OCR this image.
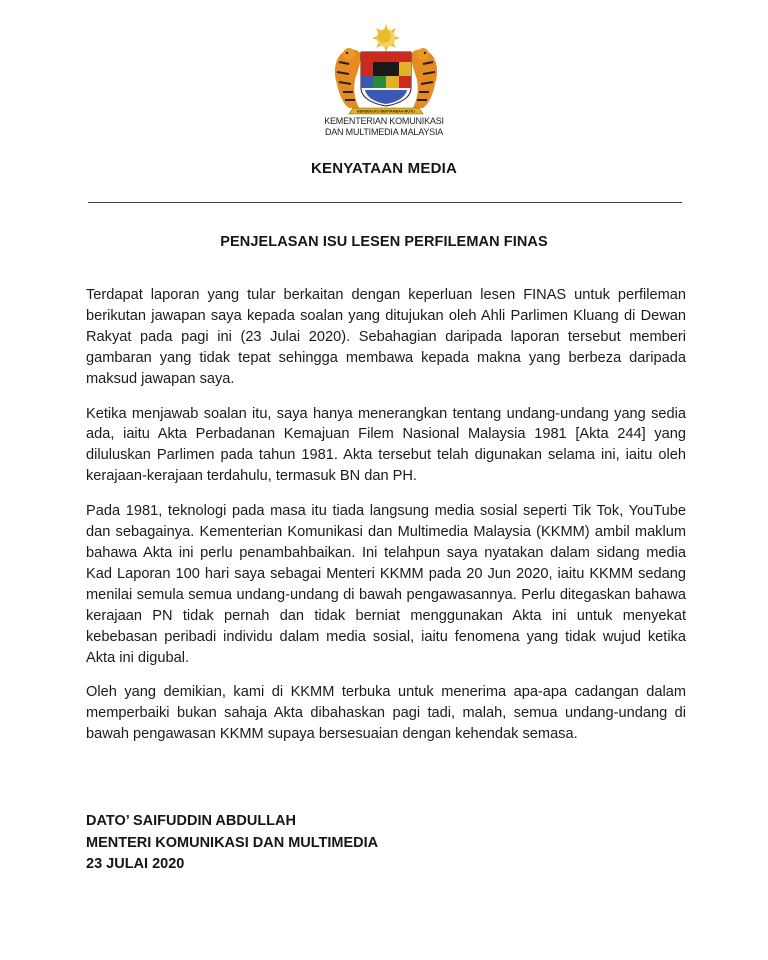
BERSEKUTU BERTAMBAH MUTU
KEMENTERIAN KOMUNIKASI
DAN MULTIMEDIA MALAYSIA
KENYATAAN MEDIA
PENJELASAN ISU LESEN PERFILEMAN FINAS

Terdapat laporan yang tular berkaitan dengan keperluan lesen FINAS untuk perfileman berikutan jawapan saya kepada soalan yang ditujukan oleh Ahli Parlimen Kluang di Dewan Rakyat pada pagi ini (23 Julai 2020). Sebahagian daripada laporan tersebut memberi gambaran yang tidak tepat sehingga membawa kepada makna yang berbeza daripada maksud jawapan saya.

Ketika menjawab soalan itu, saya hanya menerangkan tentang undang-undang yang sedia ada, iaitu Akta Perbadanan Kemajuan Filem Nasional Malaysia 1981 [Akta 244] yang diluluskan Parlimen pada tahun 1981. Akta tersebut telah digunakan selama ini, iaitu oleh kerajaan-kerajaan terdahulu, termasuk BN dan PH.

Pada 1981, teknologi pada masa itu tiada langsung media sosial seperti Tik Tok, YouTube dan sebagainya. Kementerian Komunikasi dan Multimedia Malaysia (KKMM) ambil maklum bahawa Akta ini perlu penambahbaikan. Ini telahpun saya nyatakan dalam sidang media Kad Laporan 100 hari saya sebagai Menteri KKMM pada 20 Jun 2020, iaitu KKMM sedang menilai semula semua undang-undang di bawah pengawasannya. Perlu ditegaskan bahawa kerajaan PN tidak pernah dan tidak berniat menggunakan Akta ini untuk menyekat kebebasan peribadi individu dalam media sosial, iaitu fenomena yang tidak wujud ketika Akta ini digubal.

Oleh yang demikian, kami di KKMM terbuka untuk menerima apa-apa cadangan dalam memperbaiki bukan sahaja Akta dibahaskan pagi tadi, malah, semua undang-undang di bawah pengawasan KKMM supaya bersesuaian dengan kehendak semasa.

DATO’ SAIFUDDIN ABDULLAH
MENTERI KOMUNIKASI DAN MULTIMEDIA
23 JULAI 2020
